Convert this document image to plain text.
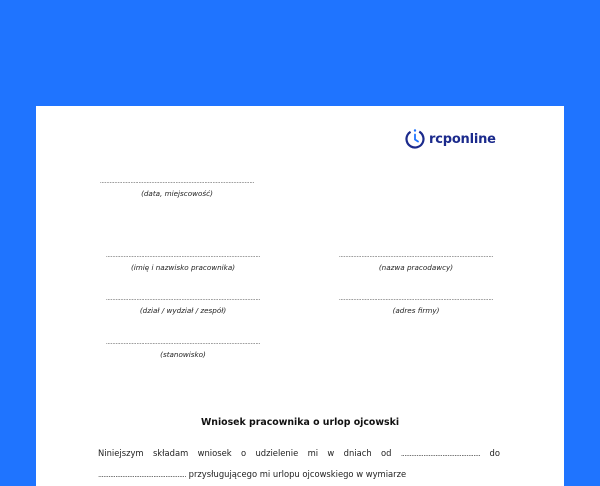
rcponline
................................................................................................
(data, miejscowość)
................................................................................................
(imię i nazwisko pracownika)
................................................................................................
(nazwa pracodawcy)
................................................................................................
(dział / wydział / zespół)
................................................................................................
(adres firmy)
................................................................................................
(stanowisko)
Wniosek pracownika o urlop ojcowski
Niniejszym składam wniosek o udzielenie mi w dniach od .............................................. do ................................................... przysługującego mi urlopu ojcowskiego w wymiarze
